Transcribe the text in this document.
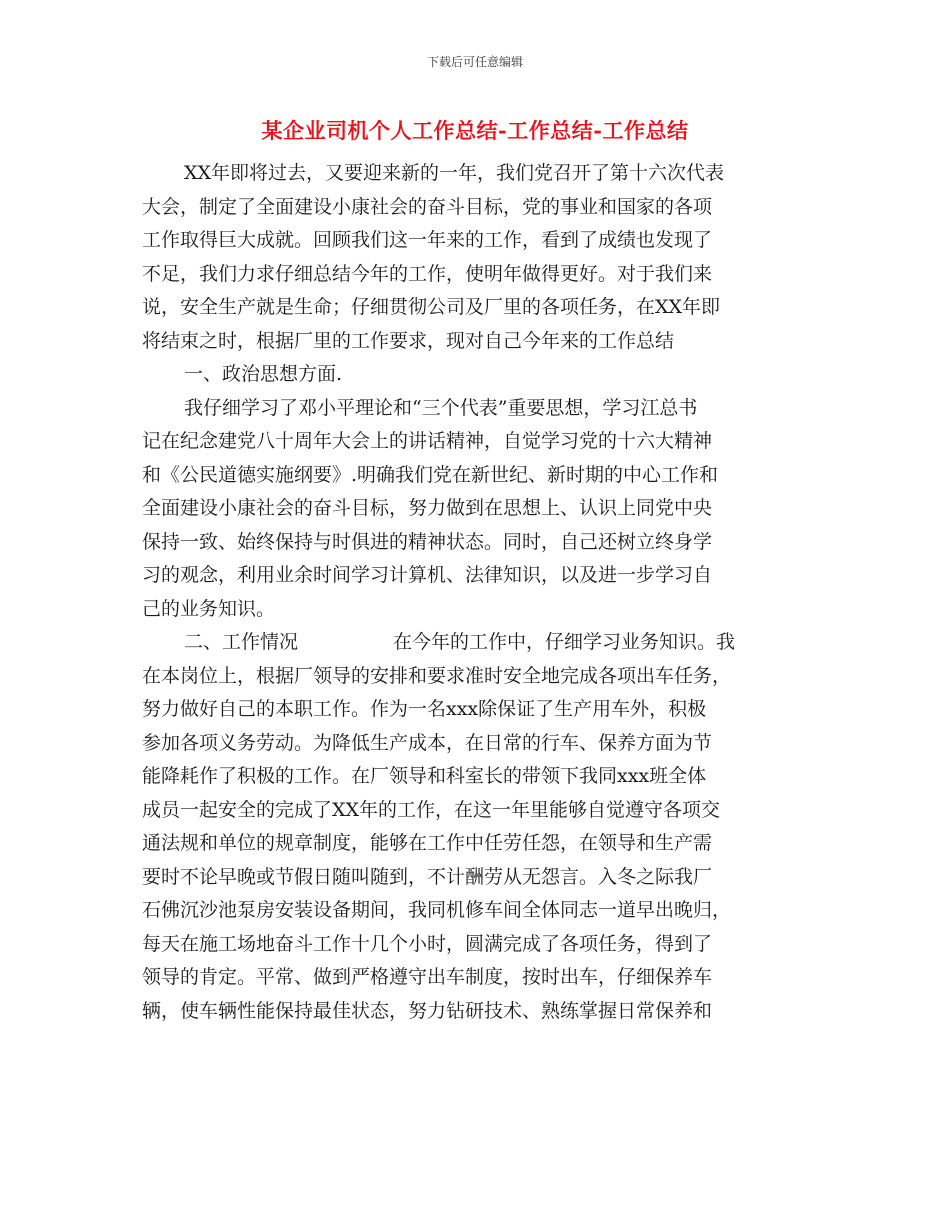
下载后可任意编辑
某企业司机个人工作总结-工作总结-工作总结
XX年即将过去，又要迎来新的一年，我们党召开了第十六次代表
大会，制定了全面建设小康社会的奋斗目标，党的事业和国家的各项
工作取得巨大成就。回顾我们这一年来的工作，看到了成绩也发现了
不足，我们力求仔细总结今年的工作，使明年做得更好。对于我们来
说，安全生产就是生命；仔细贯彻公司及厂里的各项任务，在XX年即
将结束之时，根据厂里的工作要求，现对自己今年来的工作总结
一、政治思想方面.
我仔细学习了邓小平理论和“三个代表”重要思想，学习江总书
记在纪念建党八十周年大会上的讲话精神，自觉学习党的十六大精神
和《公民道德实施纲要》.明确我们党在新世纪、新时期的中心工作和
全面建设小康社会的奋斗目标，努力做到在思想上、认识上同党中央
保持一致、始终保持与时俱进的精神状态。同时，自己还树立终身学
习的观念，利用业余时间学习计算机、法律知识，以及进一步学习自
己的业务知识。
二、工作情况	在今年的工作中，仔细学习业务知识。我
在本岗位上，根据厂领导的安排和要求准时安全地完成各项出车任务，
努力做好自己的本职工作。作为一名xxx除保证了生产用车外，积极
参加各项义务劳动。为降低生产成本，在日常的行车、保养方面为节
能降耗作了积极的工作。在厂领导和科室长的带领下我同xxx班全体
成员一起安全的完成了XX年的工作，在这一年里能够自觉遵守各项交
通法规和单位的规章制度，能够在工作中任劳任怨，在领导和生产需
要时不论早晚或节假日随叫随到，不计酬劳从无怨言。入冬之际我厂
石佛沉沙池泵房安装设备期间，我同机修车间全体同志一道早出晚归，
每天在施工场地奋斗工作十几个小时，圆满完成了各项任务，得到了
领导的肯定。平常、做到严格遵守出车制度，按时出车，仔细保养车
辆，使车辆性能保持最佳状态，努力钻研技术、熟练掌握日常保养和
